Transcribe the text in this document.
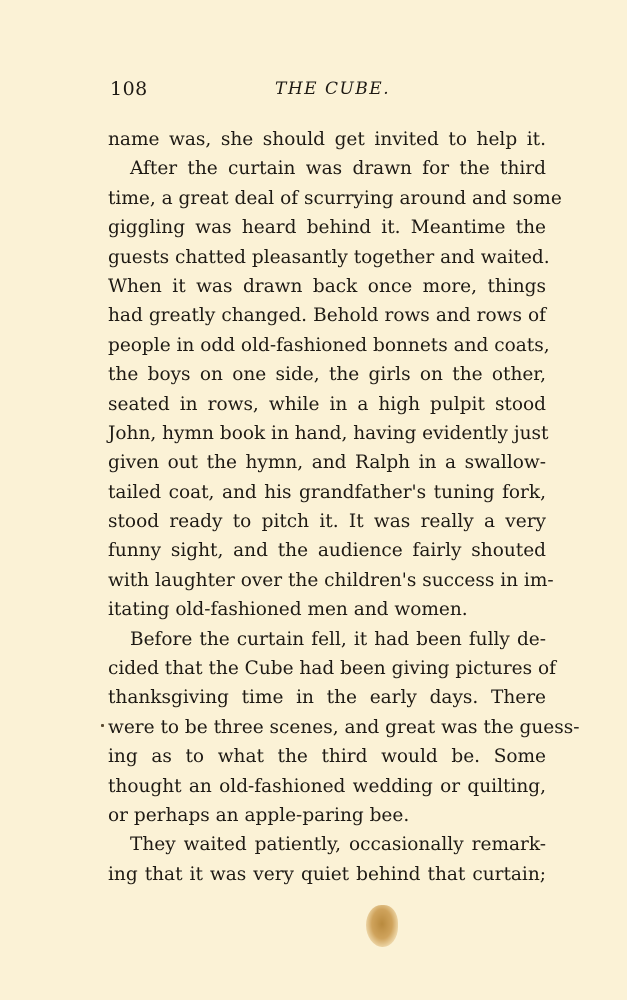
108	THE CUBE.
name was, she should get invited to help it.
After the curtain was drawn for the third
time, a great deal of scurrying around and some
giggling was heard behind it. Meantime the
guests chatted pleasantly together and waited.
When it was drawn back once more, things
had greatly changed. Behold rows and rows of
people in odd old-fashioned bonnets and coats,
the boys on one side, the girls on the other,
seated in rows, while in a high pulpit stood
John, hymn book in hand, having evidently just
given out the hymn, and Ralph in a swallow-
tailed coat, and his grandfather's tuning fork,
stood ready to pitch it. It was really a very
funny sight, and the audience fairly shouted
with laughter over the children's success in im-
itating old-fashioned men and women.
Before the curtain fell, it had been fully de-
cided that the Cube had been giving pictures of
thanksgiving time in the early days. There
were to be three scenes, and great was the guess-
ing as to what the third would be. Some
thought an old-fashioned wedding or quilting,
or perhaps an apple-paring bee.
They waited patiently, occasionally remark-
ing that it was very quiet behind that curtain;
